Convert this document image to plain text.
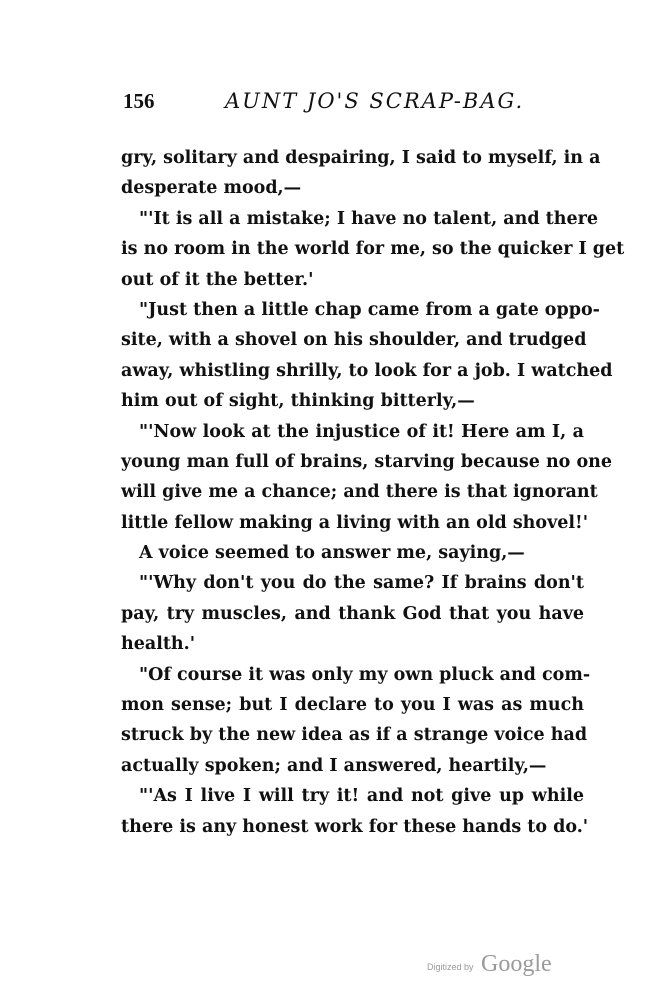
156	AUNT JO'S SCRAP-BAG.
gry, solitary and despairing, I said to myself, in a
desperate mood,—
"'It is all a mistake; I have no talent, and there
is no room in the world for me, so the quicker I get
out of it the better.'
"Just then a little chap came from a gate oppo-
site, with a shovel on his shoulder, and trudged
away, whistling shrilly, to look for a job. I watched
him out of sight, thinking bitterly,—
"'Now look at the injustice of it! Here am I, a
young man full of brains, starving because no one
will give me a chance; and there is that ignorant
little fellow making a living with an old shovel!'
A voice seemed to answer me, saying,—
"'Why don't you do the same? If brains don't
pay, try muscles, and thank God that you have
health.'
"Of course it was only my own pluck and com-
mon sense; but I declare to you I was as much
struck by the new idea as if a strange voice had
actually spoken; and I answered, heartily,—
"'As I live I will try it! and not give up while
there is any honest work for these hands to do.'
Digitized by Google
